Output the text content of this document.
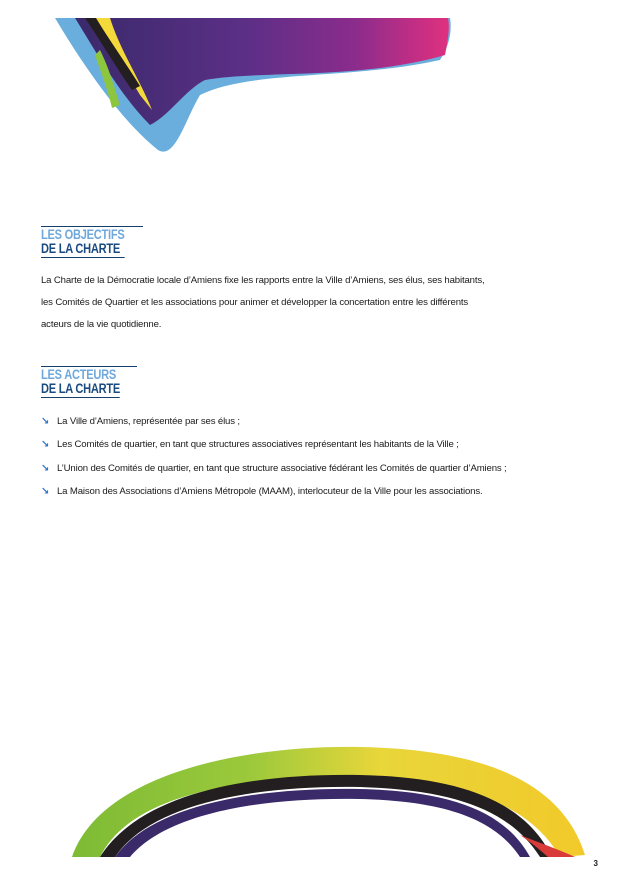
LES OBJECTIFS
DE LA CHARTE

La Charte de la Démocratie locale d’Amiens fixe les rapports entre la Ville d’Amiens, ses élus, ses habitants,
les Comités de Quartier et les associations pour animer et développer la concertation entre les différents
acteurs de la vie quotidienne.

LES ACTEURS
DE LA CHARTE
↘ La Ville d’Amiens, représentée par ses élus ;
↘ Les Comités de quartier, en tant que structures associatives représentant les habitants de la Ville ;
↘ L’Union des Comités de quartier, en tant que structure associative fédérant les Comités de quartier d’Amiens ;
↘ La Maison des Associations d’Amiens Métropole (MAAM), interlocuteur de la Ville pour les associations.
3
